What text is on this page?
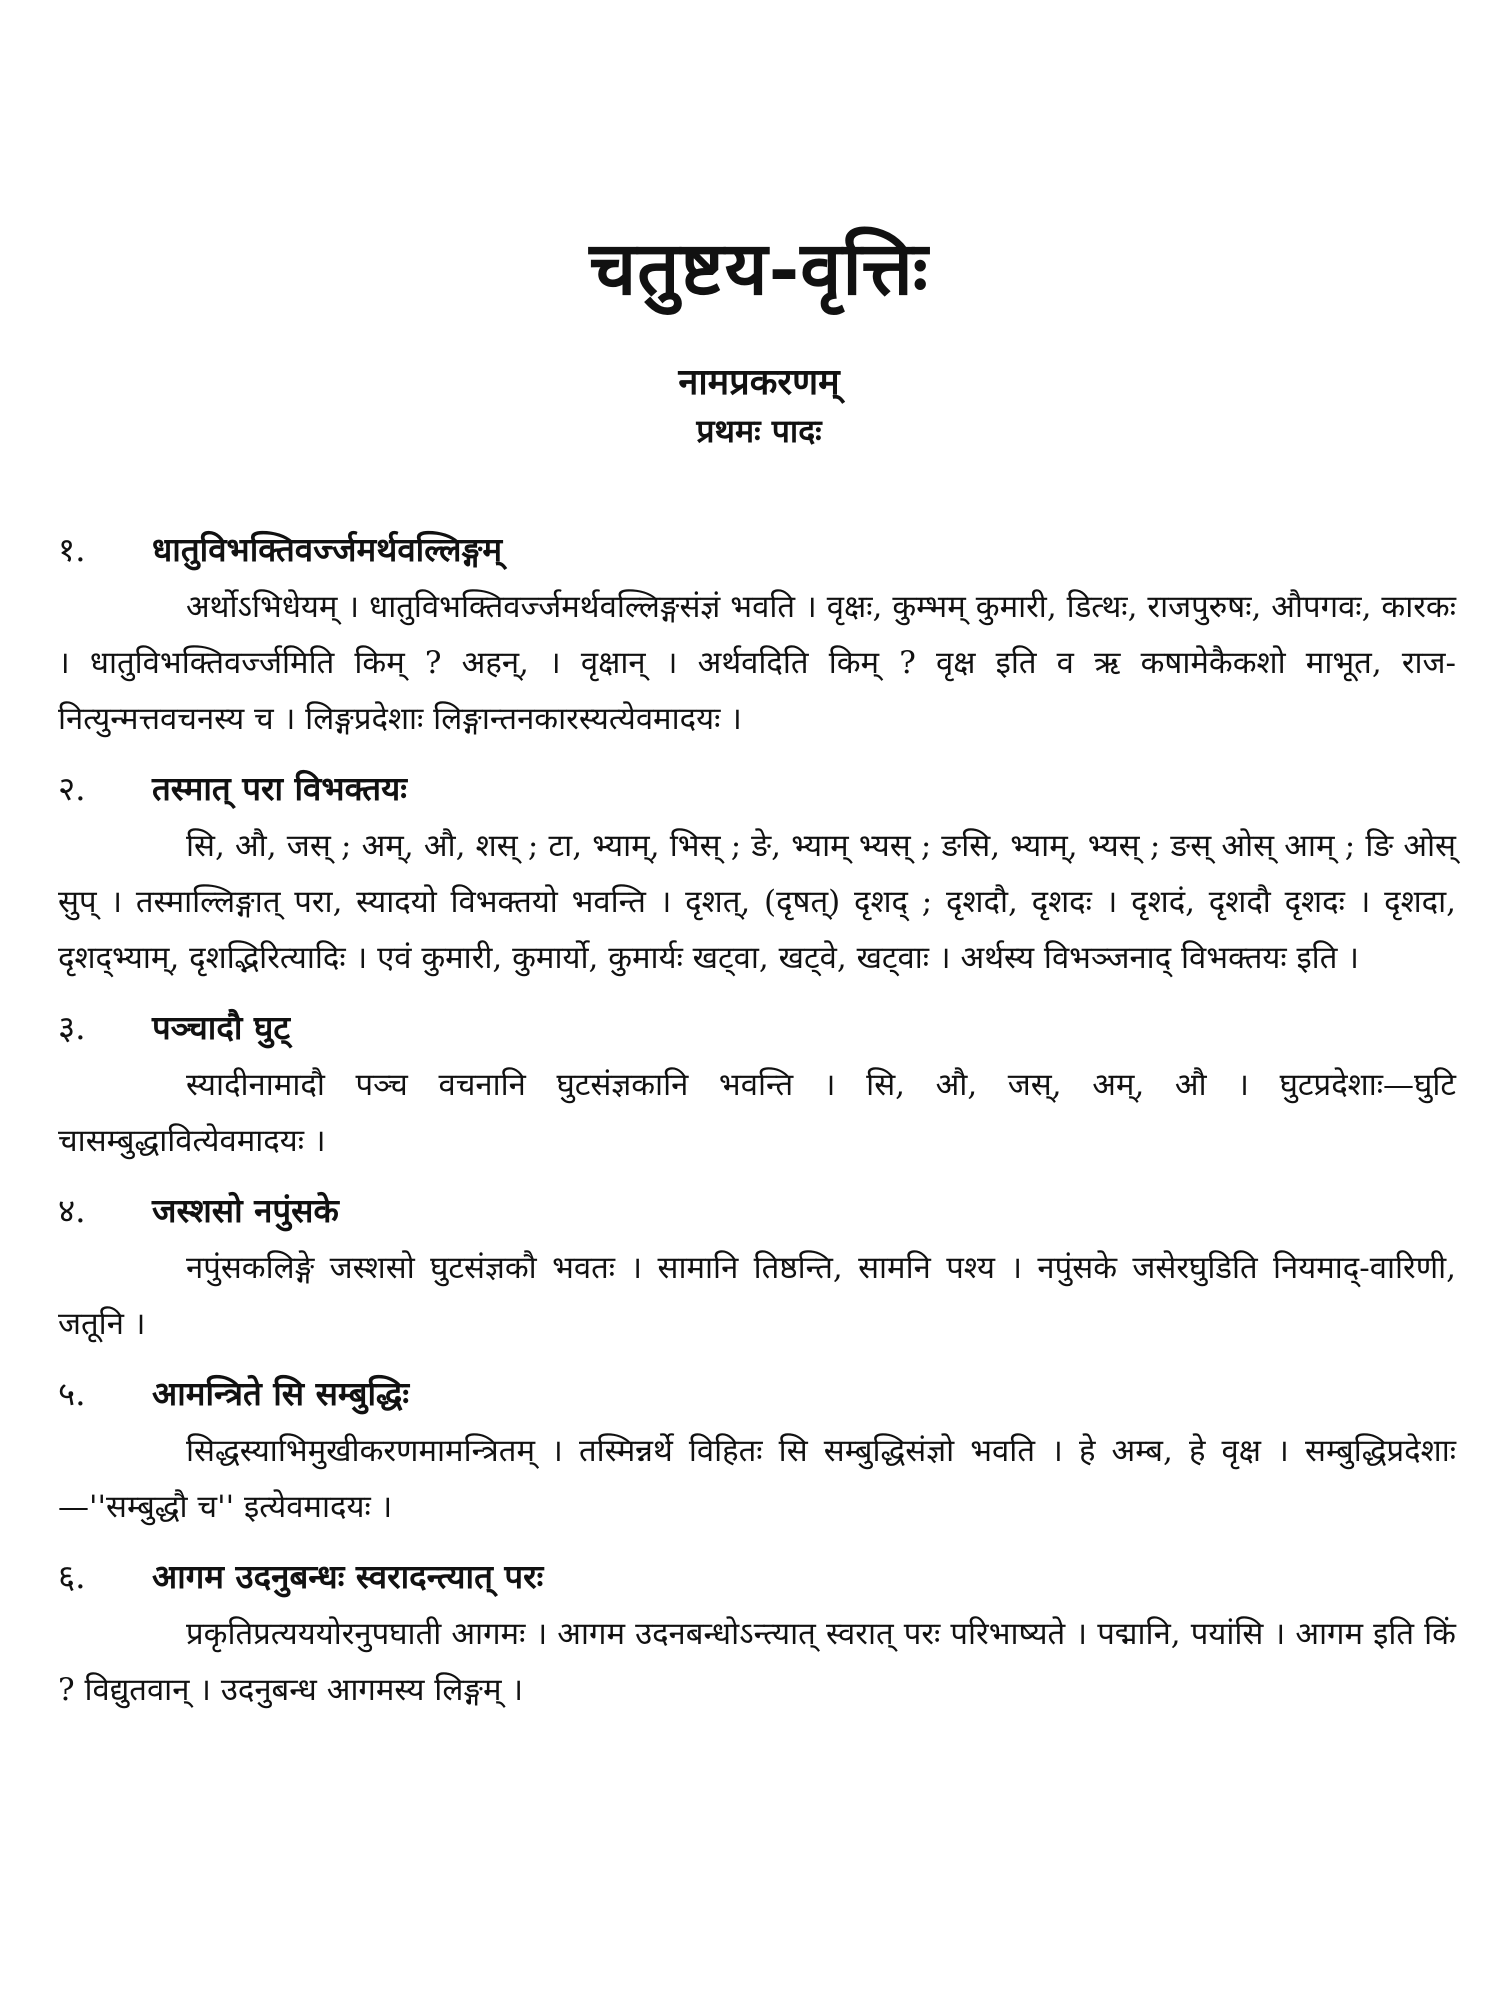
चतुष्टय-वृत्तिः
नामप्रकरणम्
प्रथमः पादः
१.	धातुविभक्तिवर्ज्जमर्थवल्लिङ्गम्
अर्थोऽभिधेयम् । धातुविभक्तिवर्ज्जमर्थवल्लिङ्गसंज्ञं भवति । वृक्षः, कुम्भम् कुमारी, डित्थः, राजपुरुषः, औपगवः, कारकः । धातुविभक्तिवर्ज्जमिति किम् ? अहन्, । वृक्षान् । अर्थवदिति किम् ? वृक्ष इति व ऋ कषामेकैकशो माभूत, राज-नित्युन्मत्तवचनस्य च । लिङ्गप्रदेशाः लिङ्गान्तनकारस्यत्येवमादयः ।
२.	तस्मात् परा विभक्तयः
सि, औ, जस् ; अम्, औ, शस् ; टा, भ्याम्, भिस् ; ङे, भ्याम् भ्यस् ; ङसि, भ्याम्, भ्यस् ; ङस् ओस् आम् ; ङि ओस् सुप् । तस्माल्लिङ्गात् परा, स्यादयो विभक्तयो भवन्ति । दृशत्, (दृषत्) दृशद् ; दृशदौ, दृशदः । दृशदं, दृशदौ दृशदः । दृशदा, दृशद्भ्याम्, दृशद्भिरित्यादिः । एवं कुमारी, कुमार्यो, कुमार्यः खट्वा, खट्वे, खट्वाः । अर्थस्य विभञ्जनाद् विभक्तयः इति ।
३.	पञ्चादौ घुट्
स्यादीनामादौ पञ्च वचनानि घुटसंज्ञकानि भवन्ति । सि, औ, जस्, अम्, औ । घुटप्रदेशाः—घुटि चासम्बुद्धावित्येवमादयः ।
४.	जस्शसो नपुंसके
नपुंसकलिङ्गे जस्शसो घुटसंज्ञकौ भवतः । सामानि तिष्ठन्ति, सामनि पश्य । नपुंसके जसेरघुडिति नियमाद्-वारिणी, जतूनि ।
५.	आमन्त्रिते सि सम्बुद्धिः
सिद्धस्याभिमुखीकरणमामन्त्रितम् । तस्मिन्नर्थे विहितः सि सम्बुद्धिसंज्ञो भवति । हे अम्ब, हे वृक्ष । सम्बुद्धिप्रदेशाः—''सम्बुद्धौ च'' इत्येवमादयः ।
६.	आगम उदनुबन्धः स्वरादन्त्यात् परः
प्रकृतिप्रत्यययोरनुपघाती आगमः । आगम उदनबन्धोऽन्त्यात् स्वरात् परः परिभाष्यते । पद्मानि, पयांसि । आगम इति किं ? विद्युतवान् । उदनुबन्ध आगमस्य लिङ्गम् ।
